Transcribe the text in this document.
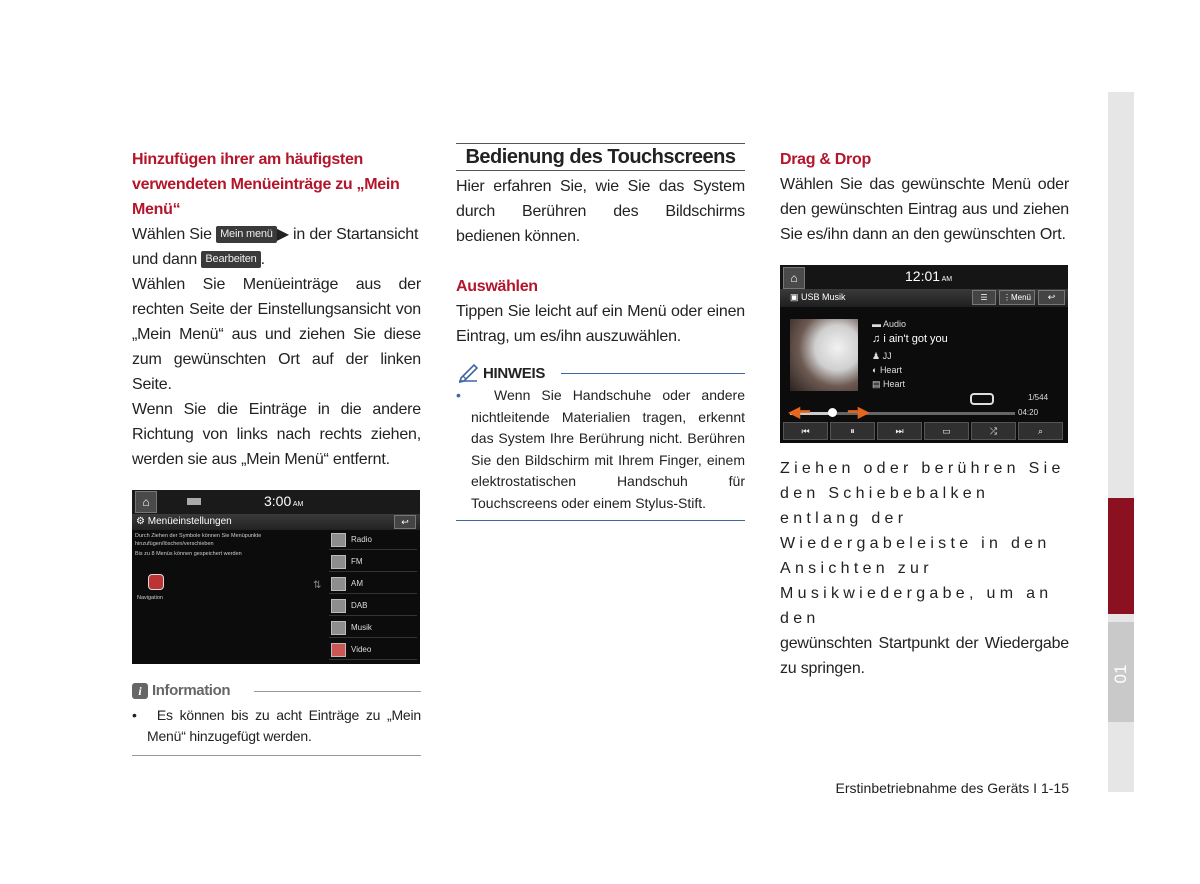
01
Hinzufügen ihrer am häufigsten
verwendeten Menüeinträge zu „Mein
Menü“
Wählen Sie Mein menü ▶ in der Startansicht
und dann Bearbeiten .
Wählen Sie Menüeinträge aus der rechten Seite der Einstellungsansicht von „Mein Menü“ aus und ziehen Sie diese zum gewünschten Ort auf der linken Seite.
Wenn Sie die Einträge in die andere Richtung von links nach rechts ziehen, werden sie aus „Mein Menü“ entfernt.
⌂	3:00 AM
⚙ Menüeinstellungen	↩
Durch Ziehen der Symbole können Sie Menüpunkte
hinzufügen/löschen/verschieben
Bis zu 8 Menüs können gespeichert werden
Navigation
⇅
Radio
FM
AM
DAB
Musik
Video
i Information
•   Es können bis zu acht Einträge zu „Mein Menü“ hinzugefügt werden.
Bedienung des Touchscreens
Hier erfahren Sie, wie Sie das System durch Berühren des Bildschirms bedienen können.
Auswählen
Tippen Sie leicht auf ein Menü oder einen Eintrag, um es/ihn auszuwählen.
HINWEIS
• Wenn Sie Handschuhe oder andere nichtleitende Materialien tragen, erkennt das System Ihre Berührung nicht. Berühren Sie den Bildschirm mit Ihrem Finger, einem elektrostatischen Handschuh für Touchscreens oder einem Stylus-Stift.
Drag & Drop
Wählen Sie das gewünschte Menü oder den gewünschten Eintrag aus und ziehen Sie es/ihn dann an den gewünschten Ort.
⌂	12:01 AM
▣ USB Musik	☰	⋮Menü	↩
▬ Audio
♫ i ain't got you
♟ JJ
◐ Heart
▤ Heart
1/544
◀━ ━▶	04:20
⏮	⏸	⏭	▭	⤮	⌕
Ziehen oder berühren Sie den Schiebebalken entlang der Wiedergabeleiste in den Ansichten zur Musikwiedergabe, um an den
gewünschten Startpunkt der Wiedergabe zu springen.
Erstinbetriebnahme des Geräts I 1-15
